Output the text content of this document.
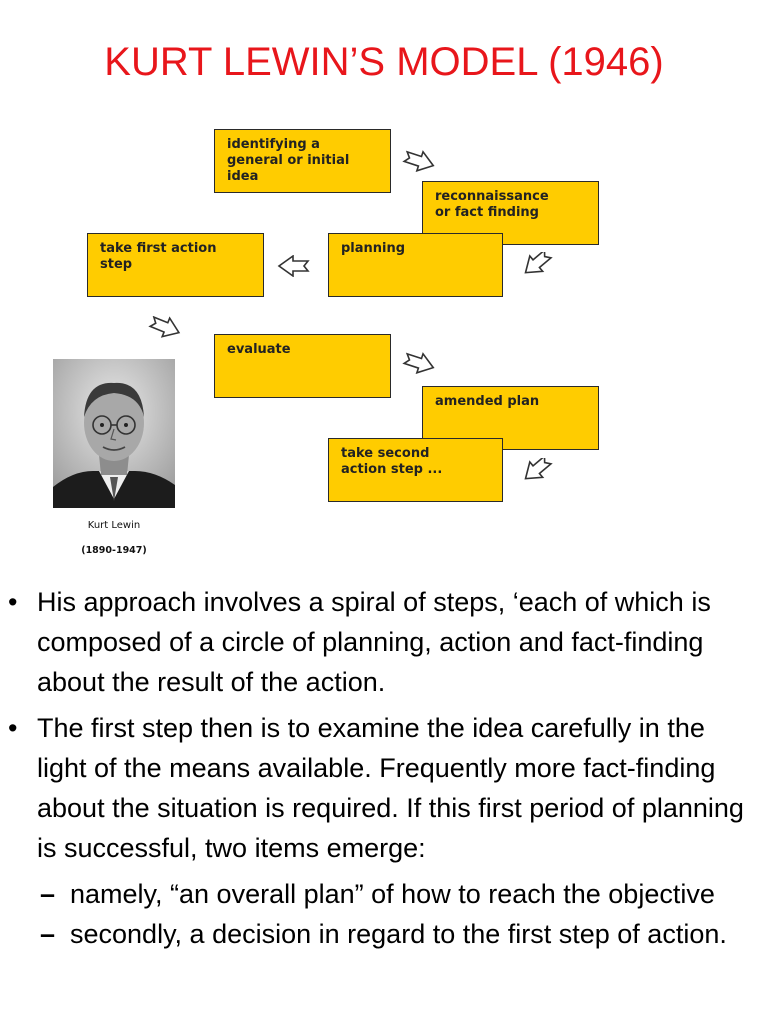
KURT LEWIN’S MODEL (1946)
identifying a
general or initial
idea
reconnaissance
or fact finding
planning
take first action
step
evaluate
amended plan
take second
action step ...
Kurt Lewin
(1890-1947)
• His approach involves a spiral of steps, ‘each of which is composed of a circle of planning, action and fact-finding about the result of the action.
• The first step then is to examine the idea carefully in the light of the means available. Frequently more fact-finding about the situation is required. If this first period of planning is successful, two items emerge:
– namely, “an overall plan” of how to reach the objective
– secondly, a decision in regard to the first step of action.
